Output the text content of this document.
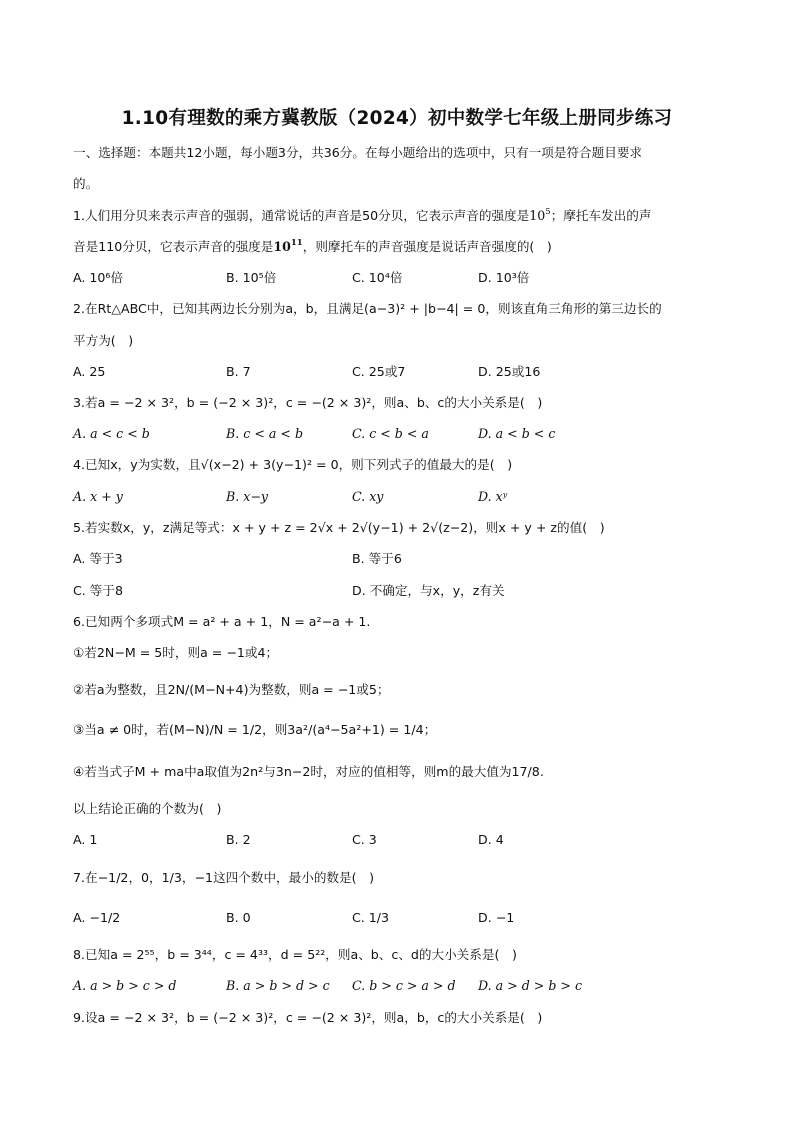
1.10有理数的乘方冀教版（2024）初中数学七年级上册同步练习
一、选择题：本题共12小题，每小题3分，共36分。在每小题给出的选项中，只有一项是符合题目要求
的。
1.人们用分贝来表示声音的强弱，通常说话的声音是50分贝，它表示声音的强度是$10^5$；摩托车发出的声
音是110分贝，它表示声音的强度是$10^{11}$，则摩托车的声音强度是说话声音强度的(　)
A. 10⁶倍	B. 10⁵倍	C. 10⁴倍	D. 10³倍
2.在Rt△ABC中，已知其两边长分别为a，b，且满足(a−3)² + |b−4| = 0，则该直角三角形的第三边长的
平方为(　)
A. 25	B. 7	C. 25或7	D. 25或16
3.若a = −2 × 3²，b = (−2 × 3)²，c = −(2 × 3)²，则a、b、c的大小关系是(　)
A. a < c < b	B. c < a < b	C. c < b < a	D. a < b < c
4.已知x，y为实数，且√(x−2) + 3(y−1)² = 0，则下列式子的值最大的是(　)
A. x + y	B. x−y	C. xy	D. xʸ
5.若实数x，y，z满足等式：x + y + z = 2√x + 2√(y−1) + 2√(z−2)，则x + y + z的值(　)
A. 等于3	B. 等于6
C. 等于8	D. 不确定，与x，y，z有关
6.已知两个多项式M = a² + a + 1，N = a²−a + 1.
①若2N−M = 5时，则a = −1或4；
②若a为整数，且2N/(M−N+4)为整数，则a = −1或5；
③当a ≠ 0时，若(M−N)/N = 1/2，则3a²/(a⁴−5a²+1) = 1/4；
④若当式子M + ma中a取值为2n²与3n−2时，对应的值相等，则m的最大值为17/8.
以上结论正确的个数为(　)
A. 1	B. 2	C. 3	D. 4
7.在−1/2，0，1/3，−1这四个数中，最小的数是(　)
A. −1/2	B. 0	C. 1/3	D. −1
8.已知a = 2⁵⁵，b = 3⁴⁴，c = 4³³，d = 5²²，则a、b、c、d的大小关系是(　)
A. a > b > c > d	B. a > b > d > c C. b > c > a > d D. a > d > b > c
9.设a = −2 × 3²，b = (−2 × 3)²，c = −(2 × 3)²，则a，b，c的大小关系是(　)
